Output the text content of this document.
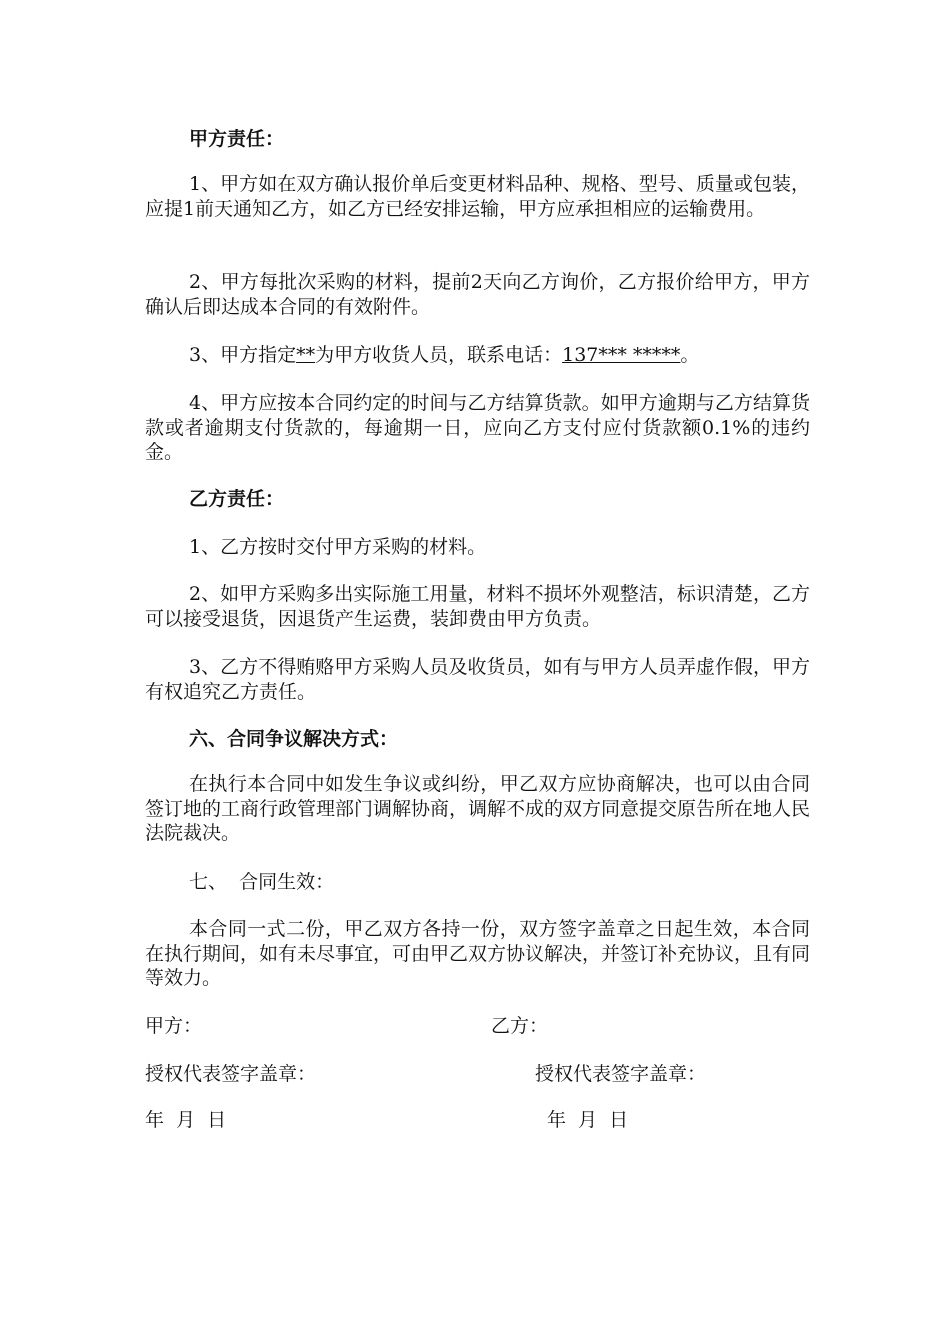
甲方责任：
1、甲方如在双方确认报价单后变更材料品种、规格、型号、质量或包装，应提1前天通知乙方，如乙方已经安排运输，甲方应承担相应的运输费用。
2、甲方每批次采购的材料，提前2天向乙方询价，乙方报价给甲方，甲方确认后即达成本合同的有效附件。
3、甲方指定**为甲方收货人员，联系电话：137*** *****。
4、甲方应按本合同约定的时间与乙方结算货款。如甲方逾期与乙方结算货款或者逾期支付货款的，每逾期一日，应向乙方支付应付货款额0.1%的违约金。
乙方责任：
1、乙方按时交付甲方采购的材料。
2、如甲方采购多出实际施工用量，材料不损坏外观整洁，标识清楚，乙方可以接受退货，因退货产生运费，装卸费由甲方负责。
3、乙方不得贿赂甲方采购人员及收货员，如有与甲方人员弄虚作假，甲方有权追究乙方责任。
六、合同争议解决方式：
在执行本合同中如发生争议或纠纷，甲乙双方应协商解决，也可以由合同签订地的工商行政管理部门调解协商，调解不成的双方同意提交原告所在地人民法院裁决。
七、  合同生效：
本合同一式二份，甲乙双方各持一份，双方签字盖章之日起生效，本合同在执行期间，如有未尽事宜，可由甲乙双方协议解决，并签订补充协议，且有同等效力。
甲方：	乙方：
授权代表签字盖章：	授权代表签字盖章：
年  月  日	年  月  日
